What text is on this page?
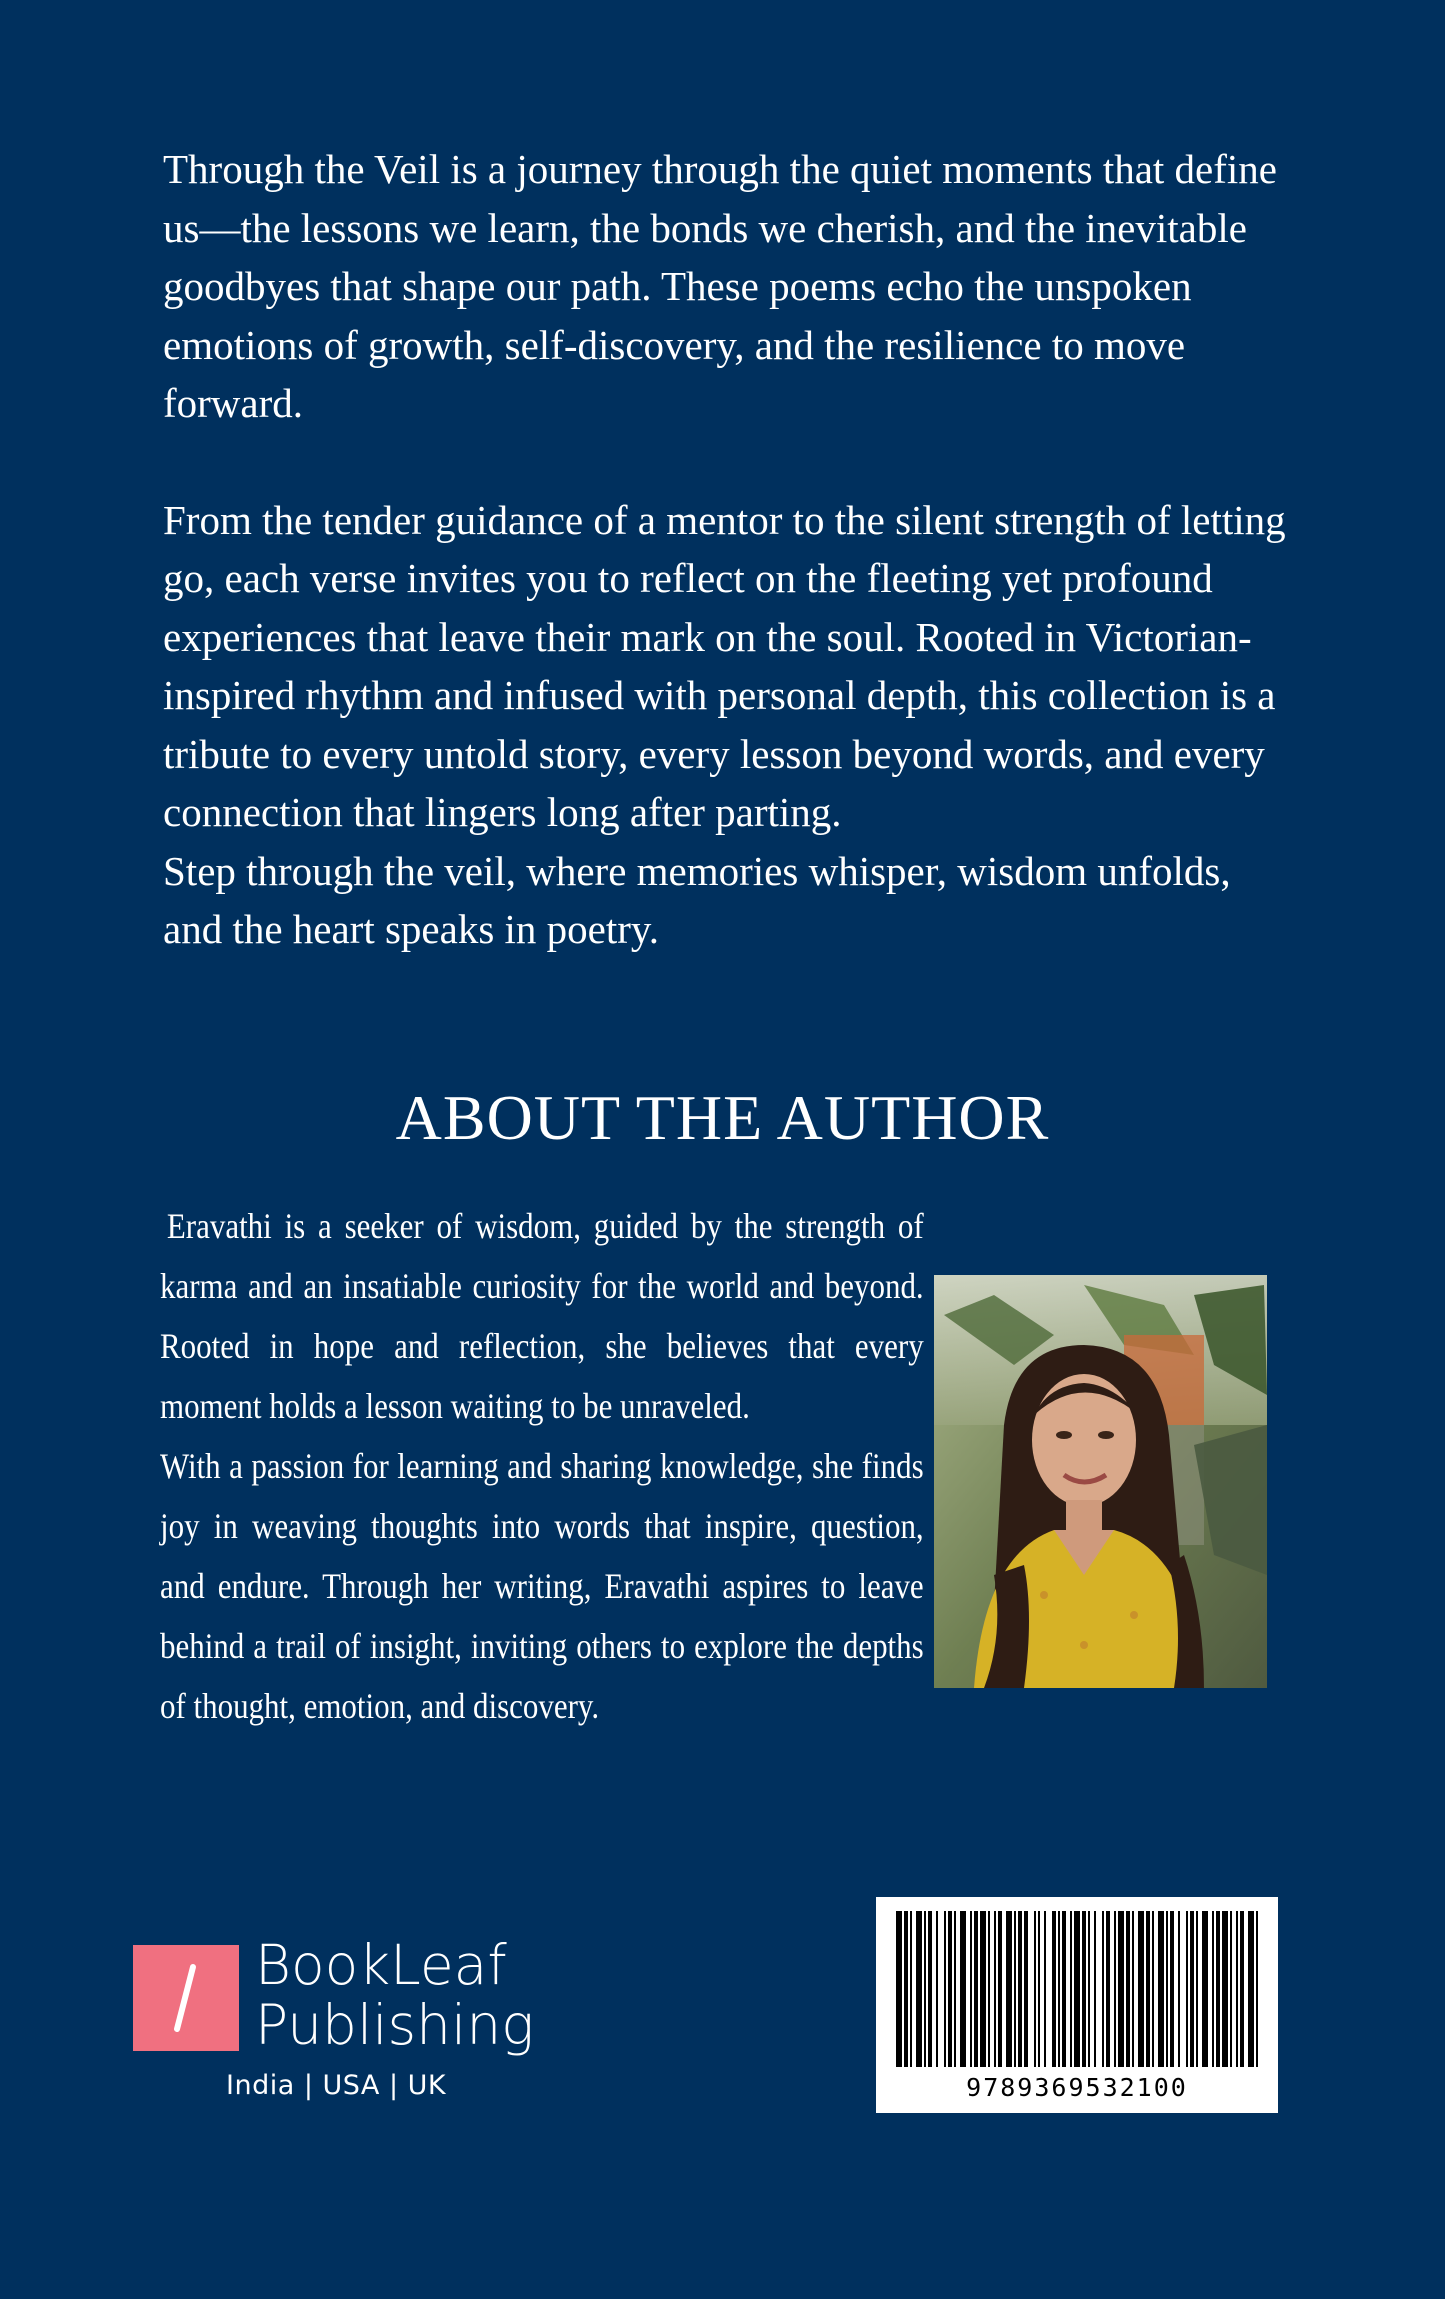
Through the Veil is a journey through the quiet moments that define us—the lessons we learn, the bonds we cherish, and the inevitable goodbyes that shape our path. These poems echo the unspoken emotions of growth, self-discovery, and the resilience to move forward.

From the tender guidance of a mentor to the silent strength of letting go, each verse invites you to reflect on the fleeting yet profound experiences that leave their mark on the soul. Rooted in Victorian-inspired rhythm and infused with personal depth, this collection is a tribute to every untold story, every lesson beyond words, and every connection that lingers long after parting.

Step through the veil, where memories whisper, wisdom unfolds, and the heart speaks in poetry.

ABOUT THE AUTHOR

Eravathi is a seeker of wisdom, guided by the strength of karma and an insatiable curiosity for the world and beyond. Rooted in hope and reflection, she believes that every moment holds a lesson waiting to be unraveled.

With a passion for learning and sharing knowledge, she finds joy in weaving thoughts into words that inspire, question, and endure. Through her writing, Eravathi aspires to leave behind a trail of insight, inviting others to explore the depths of thought, emotion, and discovery.

BookLeaf
Publishing
India | USA | UK	9789369532100
